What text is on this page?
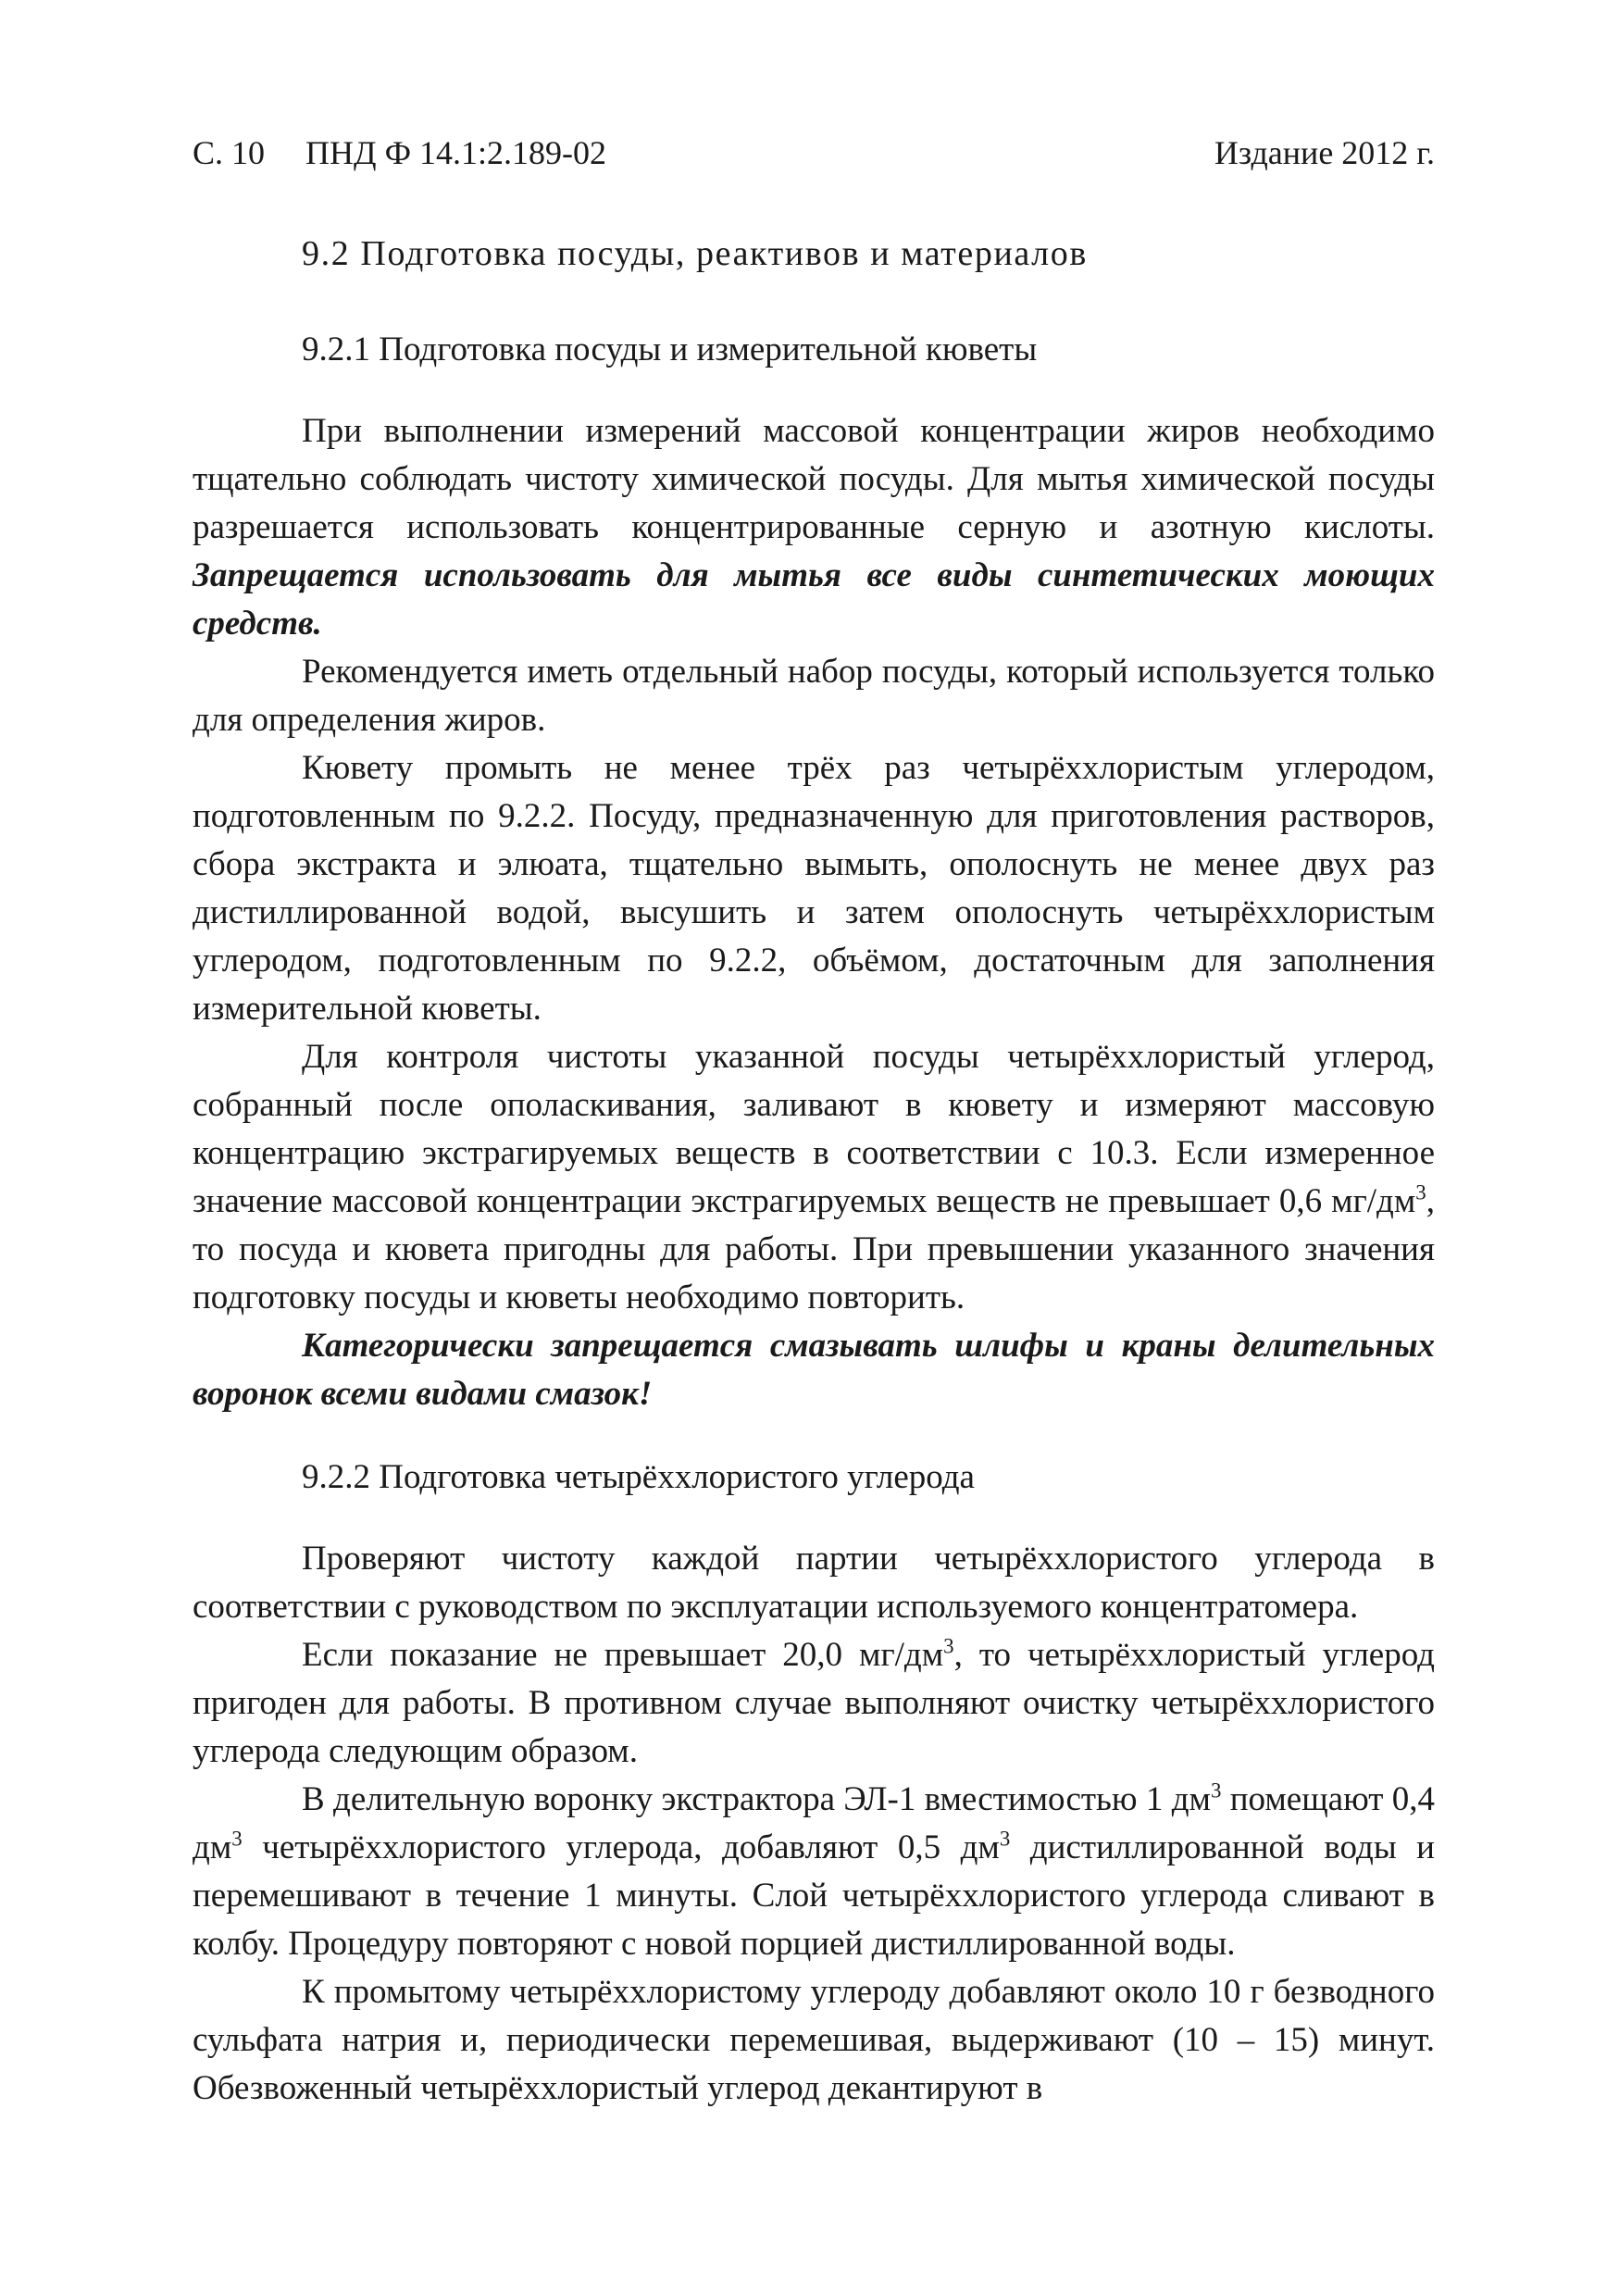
С. 10 ПНД Ф 14.1:2.189-02	Издание 2012 г.
9.2 Подготовка посуды, реактивов и материалов
9.2.1 Подготовка посуды и измерительной кюветы

При выполнении измерений массовой концентрации жиров необходимо тщательно соблюдать чистоту химической посуды. Для мытья химической посуды разрешается использовать концентрированные серную и азотную кислоты. Запрещается использовать для мытья все виды синтетических моющих средств.

Рекомендуется иметь отдельный набор посуды, который используется только для определения жиров.

Кювету промыть не менее трёх раз четырёххлористым углеродом, подготовленным по 9.2.2. Посуду, предназначенную для приготовления растворов, сбора экстракта и элюата, тщательно вымыть, ополоснуть не менее двух раз дистиллированной водой, высушить и затем ополоснуть четырёххлористым углеродом, подготовленным по 9.2.2, объёмом, достаточным для заполнения измерительной кюветы.

Для контроля чистоты указанной посуды четырёххлористый углерод, собранный после ополаскивания, заливают в кювету и измеряют массовую концентрацию экстрагируемых веществ в соответствии с 10.3. Если измеренное значение массовой концентрации экстрагируемых веществ не превышает 0,6 $мг/дм^3$, то посуда и кювета пригодны для работы. При превышении указанного значения подготовку посуды и кюветы необходимо повторить.

Категорически запрещается смазывать шлифы и краны делительных воронок всеми видами смазок!

9.2.2 Подготовка четырёххлористого углерода

Проверяют чистоту каждой партии четырёххлористого углерода в соответствии с руководством по эксплуатации используемого концентратомера.

Если показание не превышает 20,0 $мг/дм^3$, то четырёххлористый углерод пригоден для работы. В противном случае выполняют очистку четырёххлористого углерода следующим образом.

В делительную воронку экстрактора ЭЛ-1 вместимостью 1 $дм^3$ помещают 0,4 $дм^3$ четырёххлористого углерода, добавляют 0,5 $дм^3$ дистиллированной воды и перемешивают в течение 1 минуты. Слой четырёххлористого углерода сливают в колбу. Процедуру повторяют с новой порцией дистиллированной воды.

К промытому четырёххлористому углероду добавляют около 10 г безводного сульфата натрия и, периодически перемешивая, выдерживают (10 – 15) минут. Обезвоженный четырёххлористый углерод декантируют в
